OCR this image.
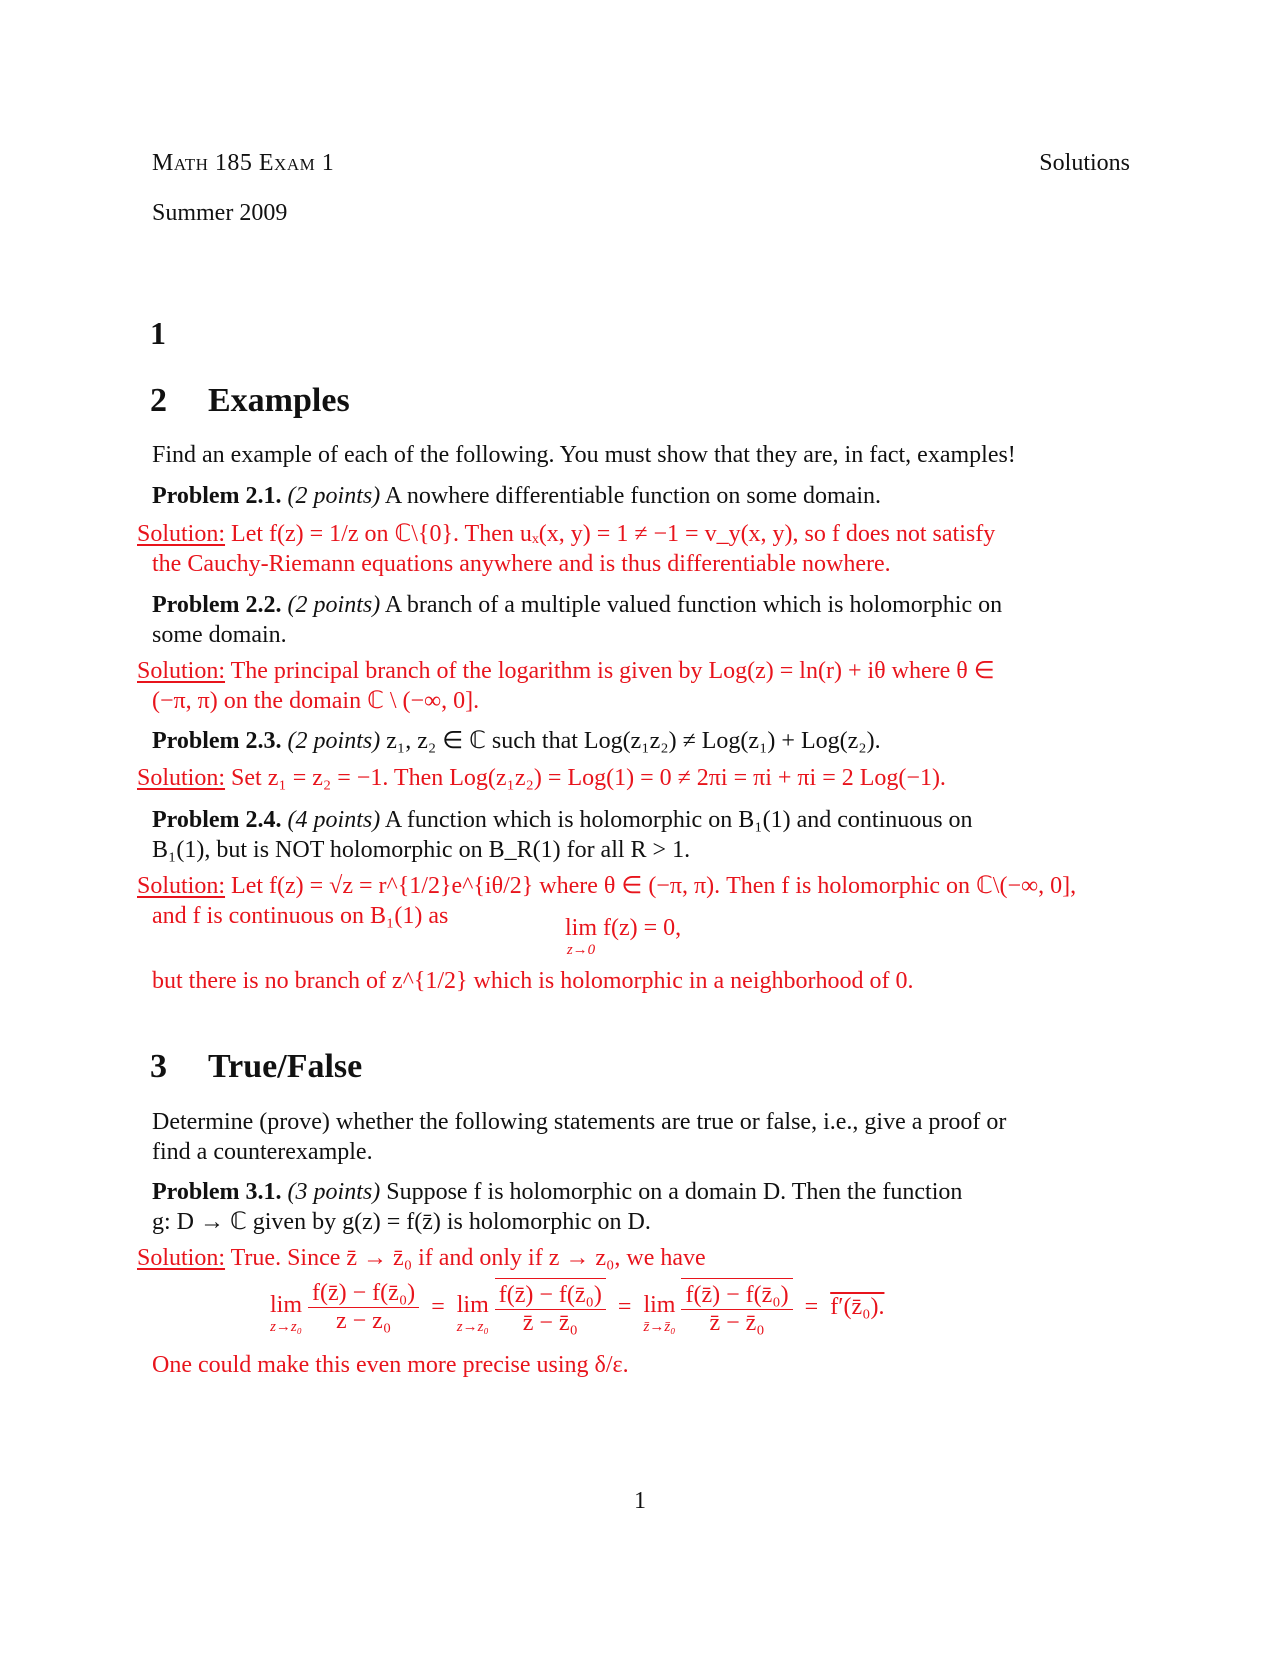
Math 185 Exam 1	Solutions
Summer 2009
1
2 Examples
Find an example of each of the following. You must show that they are, in fact, examples!
Problem 2.1. (2 points) A nowhere differentiable function on some domain.
Solution: Let f(z) = 1/z on ℂ\{0}. Then uₓ(x, y) = 1 ≠ −1 = v_y(x, y), so f does not satisfy
the Cauchy-Riemann equations anywhere and is thus differentiable nowhere.
Problem 2.2. (2 points) A branch of a multiple valued function which is holomorphic on
some domain.
Solution: The principal branch of the logarithm is given by Log(z) = ln(r) + iθ where θ ∈
(−π, π) on the domain ℂ \ (−∞, 0].
Problem 2.3. (2 points) z₁, z₂ ∈ ℂ such that Log(z₁z₂) ≠ Log(z₁) + Log(z₂).
Solution: Set z₁ = z₂ = −1. Then Log(z₁z₂) = Log(1) = 0 ≠ 2πi = πi + πi = 2 Log(−1).
Problem 2.4. (4 points) A function which is holomorphic on B₁(1) and continuous on
B₁(1), but is NOT holomorphic on B_R(1) for all R > 1.
Solution: Let f(z) = √z = r^{1/2}e^{iθ/2} where θ ∈ (−π, π). Then f is holomorphic on ℂ\(−∞, 0],
and f is continuous on B₁(1) as	lim
z→0
f(z) = 0,
but there is no branch of z^{1/2} which is holomorphic in a neighborhood of 0.
3 True/False
Determine (prove) whether the following statements are true or false, i.e., give a proof or
find a counterexample.
Problem 3.1. (3 points) Suppose f is holomorphic on a domain D. Then the function
g: D → ℂ given by g(z) = f(z̄) is holomorphic on D.
Solution: True. Since z̄ → z̄₀ if and only if z → z₀, we have
lim
z→z₀
$\frac{\text{f(z̄) − f(z̄₀)}}{\text{z − z₀}} = \lim$
z→z₀
$\frac{\text{f(z̄) − f(z̄₀)}}{\text{z̄ − z̄₀}} = \lim$
z̄→z̄₀
$\frac{\text{f(z̄) − f(z̄₀)}}{\text{z̄ − z̄₀}}$ = f′(z̄₀).
One could make this even more precise using δ/ε.
1
